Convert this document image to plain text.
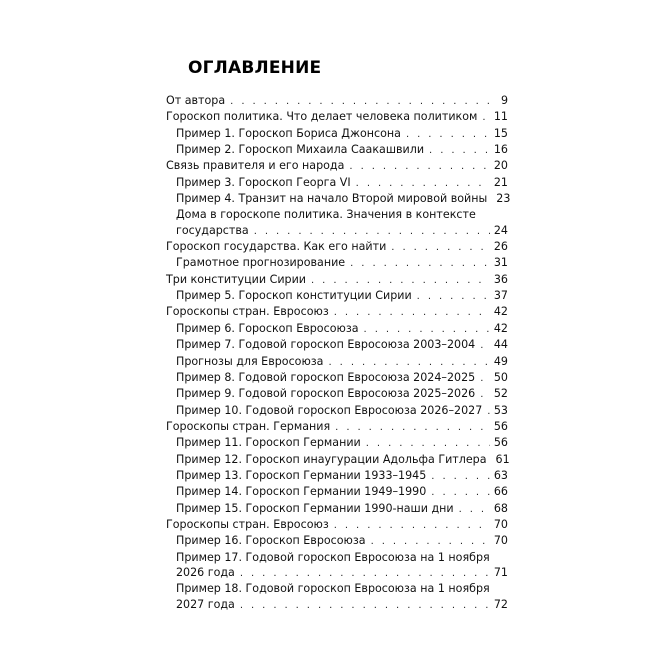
ОГЛАВЛЕНИЕ
От автора . . .	9
Гороскоп политика. Что делает человека политиком . . . 11
Пример 1. Гороскоп Бориса Джонсона . . .	15
Пример 2. Гороскоп Михаила Саакашвили . . .	16
Связь правителя и его народа . . .	20
Пример 3. Гороскоп Георга VI . . .	21
Пример 4. Транзит на начало Второй мировой войны 23
Дома в гороскопе политика. Значения в контексте
государства . . .	24
Гороскоп государства. Как его найти . . .	26
Грамотное прогнозирование . . .	31
Три конституции Сирии . . .	36
Пример 5. Гороскоп конституции Сирии . . .	37
Гороскопы стран. Евросоюз . . .	42
Пример 6. Гороскоп Евросоюза . . .	42
Пример 7. Годовой гороскоп Евросоюза 2003–2004 . . . 44
Прогнозы для Евросоюза . . .	49
Пример 8. Годовой гороскоп Евросоюза 2024–2025 . . . 50
Пример 9. Годовой гороскоп Евросоюза 2025–2026 . . . 52
Пример 10. Годовой гороскоп Евросоюза 2026–2027 . . . 53
Гороскопы стран. Германия . . .	56
Пример 11. Гороскоп Германии . . .	56
Пример 12. Гороскоп инаугурации Адольфа Гитлера 61
Пример 13. Гороскоп Германии 1933–1945 . . .	63
Пример 14. Гороскоп Германии 1949–1990 . . .	66
Пример 15. Гороскоп Германии 1990-наши дни . . .	68
Гороскопы стран. Евросоюз . . .	70
Пример 16. Гороскоп Евросоюза . . .	70
Пример 17. Годовой гороскоп Евросоюза на 1 ноября
2026 года . . .	71
Пример 18. Годовой гороскоп Евросоюза на 1 ноября
2027 года . . .	72
